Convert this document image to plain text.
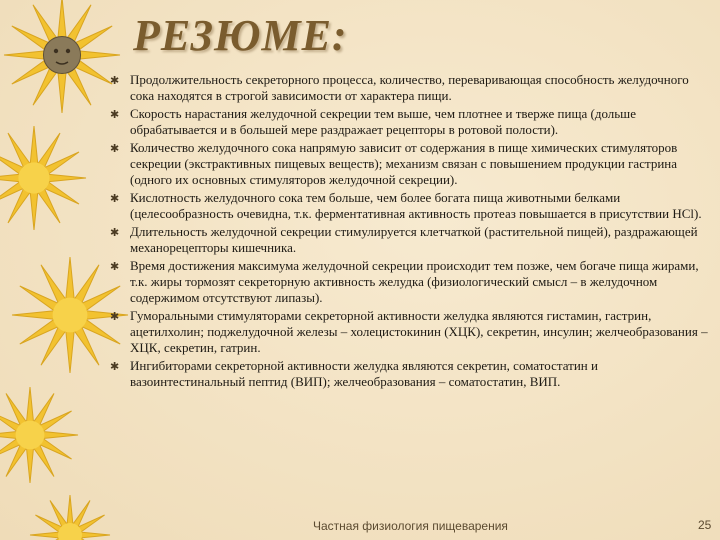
РЕЗЮМЕ:
✱ Продолжительность секреторного процесса, количество, переваривающая способность желудочного сока находятся в строгой зависимости от характера пищи.
✱ Скорость нарастания желудочной секреции тем выше, чем плотнее и тверже пища (дольше обрабатывается и в большей мере раздражает рецепторы в ротовой полости).
✱ Количество желудочного сока напрямую зависит от содержания в пище химических стимуляторов секреции (экстрактивных пищевых веществ); механизм связан с повышением продукции гастрина (одного их основных стимуляторов желудочной секреции).
✱ Кислотность желудочного сока тем больше, чем более богата пища животными белками (целесообразность очевидна, т.к. ферментативная активность протеаз повышается в присутствии HCl).
✱ Длительность желудочной секреции стимулируется клетчаткой (растительной пищей), раздражающей механорецепторы кишечника.
✱ Время достижения максимума желудочной секреции происходит тем позже, чем богаче пища жирами, т.к. жиры тормозят секреторную активность желудка (физиологический смысл – в желудочном содержимом отсутствуют липазы).
✱ Гуморальными стимуляторами секреторной активности желудка являются гистамин, гастрин, ацетилхолин; поджелудочной железы – холецистокинин (ХЦК), секретин, инсулин; желчеобразования – ХЦК, секретин, гатрин.
✱ Ингибиторами секреторной активности желудка являются секретин, соматостатин и вазоинтестинальный пептид (ВИП); желчеобразования – соматостатин, ВИП.
Частная физиология пищеварения	25
